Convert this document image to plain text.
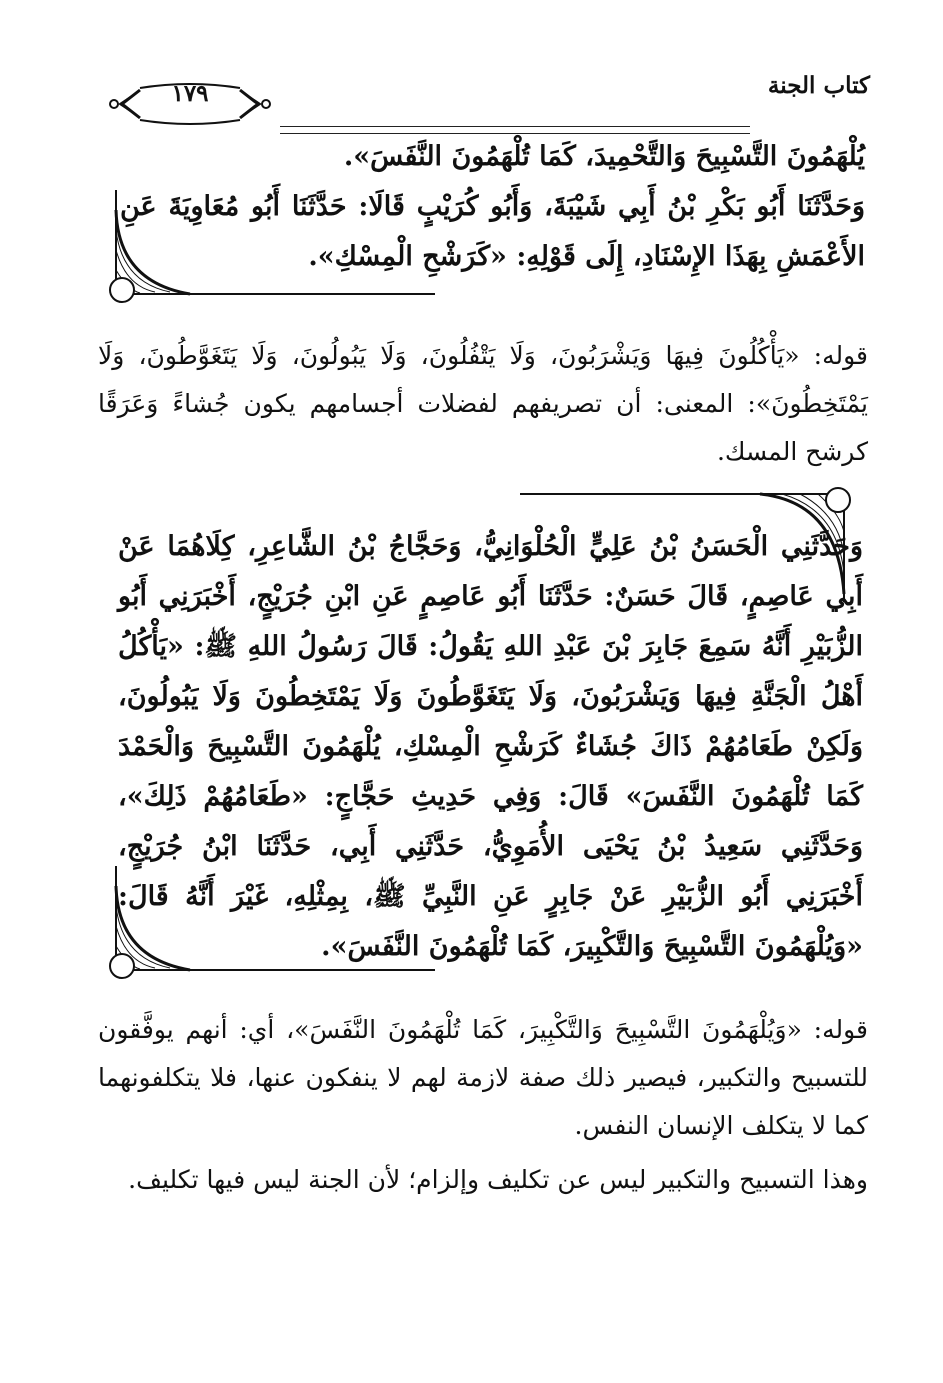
كتاب الجنة
١٧٩

يُلْهَمُونَ التَّسْبِيحَ وَالتَّحْمِيدَ، كَمَا تُلْهَمُونَ النَّفَسَ».

وَحَدَّثَنَا أَبُو بَكْرِ بْنُ أَبِي شَيْبَةَ، وَأَبُو كُرَيْبٍ قَالَا: حَدَّثَنَا أَبُو مُعَاوِيَةَ عَنِ الأَعْمَشِ بِهَذَا الإِسْنَادِ، إِلَى قَوْلِهِ: «كَرَشْحِ الْمِسْكِ».

قوله: «يَأْكُلُونَ فِيهَا وَيَشْرَبُونَ، وَلَا يَتْفُلُونَ، وَلَا يَبُولُونَ، وَلَا يَتَغَوَّطُونَ، وَلَا يَمْتَخِطُونَ»: المعنى: أن تصريفهم لفضلات أجسامهم يكون جُشاءً وَعَرَقًا كرشح المسك.

وَحَدَّثَنِي الْحَسَنُ بْنُ عَلِيٍّ الْحُلْوَانِيُّ، وَحَجَّاجُ بْنُ الشَّاعِرِ، كِلَاهُمَا عَنْ أَبِي عَاصِمٍ، قَالَ حَسَنٌ: حَدَّثَنَا أَبُو عَاصِمٍ عَنِ ابْنِ جُرَيْجٍ، أَخْبَرَنِي أَبُو الزُّبَيْرِ أَنَّهُ سَمِعَ جَابِرَ بْنَ عَبْدِ اللهِ يَقُولُ: قَالَ رَسُولُ اللهِ ﷺ: «يَأْكُلُ أَهْلُ الْجَنَّةِ فِيهَا وَيَشْرَبُونَ، وَلَا يَتَغَوَّطُونَ وَلَا يَمْتَخِطُونَ وَلَا يَبُولُونَ، وَلَكِنْ طَعَامُهُمْ ذَاكَ جُشَاءٌ كَرَشْحِ الْمِسْكِ، يُلْهَمُونَ التَّسْبِيحَ وَالْحَمْدَ كَمَا تُلْهَمُونَ النَّفَسَ» قَالَ: وَفِي حَدِيثِ حَجَّاجٍ: «طَعَامُهُمْ ذَلِكَ»، وَحَدَّثَنِي سَعِيدُ بْنُ يَحْيَى الأُمَوِيُّ، حَدَّثَنِي أَبِي، حَدَّثَنَا ابْنُ جُرَيْجٍ، أَخْبَرَنِي أَبُو الزُّبَيْرِ عَنْ جَابِرٍ عَنِ النَّبِيِّ ﷺ، بِمِثْلِهِ، غَيْرَ أَنَّهُ قَالَ: «وَيُلْهَمُونَ التَّسْبِيحَ وَالتَّكْبِيرَ، كَمَا تُلْهَمُونَ النَّفَسَ».

قوله: «وَيُلْهَمُونَ التَّسْبِيحَ وَالتَّكْبِيرَ، كَمَا تُلْهَمُونَ النَّفَسَ»، أي: أنهم يوفَّقون للتسبيح والتكبير، فيصير ذلك صفة لازمة لهم لا ينفكون عنها، فلا يتكلفونهما كما لا يتكلف الإنسان النفس.

وهذا التسبيح والتكبير ليس عن تكليف وإلزام؛ لأن الجنة ليس فيها تكليف.
